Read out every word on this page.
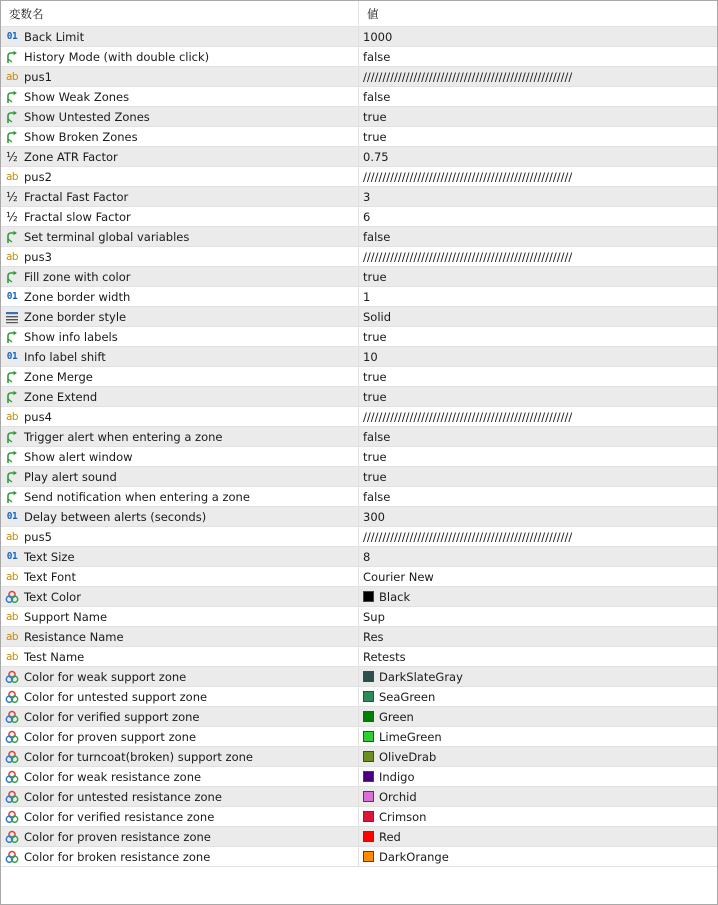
変数名	値
01 Back Limit	1000
History Mode (with double click)	false
ab pus1	//////////////////////////////////////////////////////
Show Weak Zones	false
Show Untested Zones	true
Show Broken Zones	true
½ Zone ATR Factor	0.75
ab pus2	//////////////////////////////////////////////////////
½ Fractal Fast Factor	3
½ Fractal slow Factor	6
Set terminal global variables	false
ab pus3	//////////////////////////////////////////////////////
Fill zone with color	true
01 Zone border width	1
Zone border style	Solid
Show info labels	true
01 Info label shift	10
Zone Merge	true
Zone Extend	true
ab pus4	//////////////////////////////////////////////////////
Trigger alert when entering a zone	false
Show alert window	true
Play alert sound	true
Send notification when entering a zone	false
01 Delay between alerts (seconds)	300
ab pus5	//////////////////////////////////////////////////////
01 Text Size	8
ab Text Font	Courier New
Text Color	Black
ab Support Name	Sup
ab Resistance Name	Res
ab Test Name	Retests
Color for weak support zone	DarkSlateGray
Color for untested support zone	SeaGreen
Color for verified support zone	Green
Color for proven support zone	LimeGreen
Color for turncoat(broken) support zone	OliveDrab
Color for weak resistance zone	Indigo
Color for untested resistance zone	Orchid
Color for verified resistance zone	Crimson
Color for proven resistance zone	Red
Color for broken resistance zone	DarkOrange
